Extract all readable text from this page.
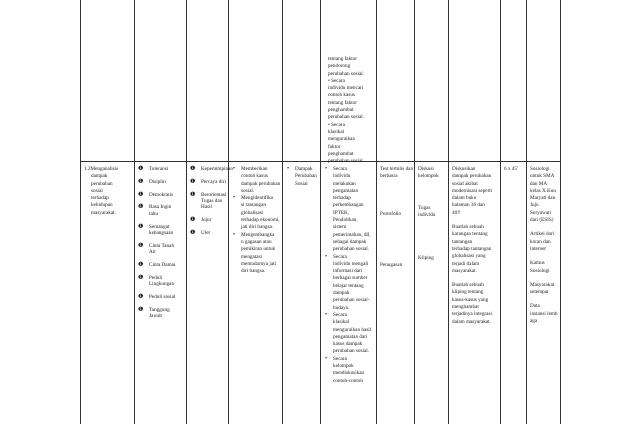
tentang faktor

pendorong

perubahan sosial.

• Secara

individu mencari

contoh kasus

tentang faktor

penghambat

perubahan sosial.

• Secara

klasikal

menguraikan

faktor

penghambat

perubahan sosial.

1.2Menganalisis

dampak

perubahan

sosial

terhadap

kehidupan

masyarakat.

❶ Toleransi
❶ Disiplin
❶ Demokratis
❶ Rasa Ingin
tahu
❶ Semangat
kebangsaan
❶ Cinta Tanah
Air
❶ Cinta Damai
❶ Peduli
Lingkungan
❶ Peduli sosial
❶ Tanggung
Jawab
❶ Kepemimpinan
❶ Percaya diri
❶ Berorientasi
Tugas dan
Hasil
❶ Jujur
❶ Ulet
• Memberikan
contoh kasus
dampak perubahan
sosial.
• Mengidentifika
si tantangan
globalisasi
terhadap ekonomi,
jati diri bangsa.
• Mengembangka
n gagasan atau
pemikiran untuk
mengatasi
memudarnya jati
diri bangsa.
• Dampak
Perubahan
Sosial
• Secara
individu
melakukan
pengamatan
terhadap
perkembangan
IPTEK,
Pendidikan,
sistem
pemerintahan, dll,
sebagai dampak
perubahan sosial.
• Secara
individu mengali
informasi dari
berbagai sumber
belajar tentang
dampak
perubahan sosial-
budaya.
• Secara
klasikal
menguraikan hasil
pengamatan dari
kasus dampak
perubahan sosial.
• Secara
kelompok
mendiskusikan
contoh-contoh

Test tertulis dan berbasra

Portofolio

Penugasan

Diskusi

kelompok

Tugas

individu

Kliping

Diskusikan

dampak perubahan

sosial akibat

modernisasi seperti

dalam buku

halaman 36 dan

40!!

Buatlah sebuah

karangan tentang

tantangan

terhadap tantangan

globalisasi yang

terjadi dalam

masyarakat.

Buatlah sebuah

kliping tentang

kasus-kasus yang

menghambat

terjadinya integrasi

dalam masyarakat.

6 x 45'	Sosiologi

untuk SMA

dan MA

kelas X Kun

Maryati dan

Juju

Suryawati

dari (ESIS)

Artikel dari

koran dan

internet

Kamus

Sosiologi

Masyarakat

setempat

Data

instansi lemb

aga
